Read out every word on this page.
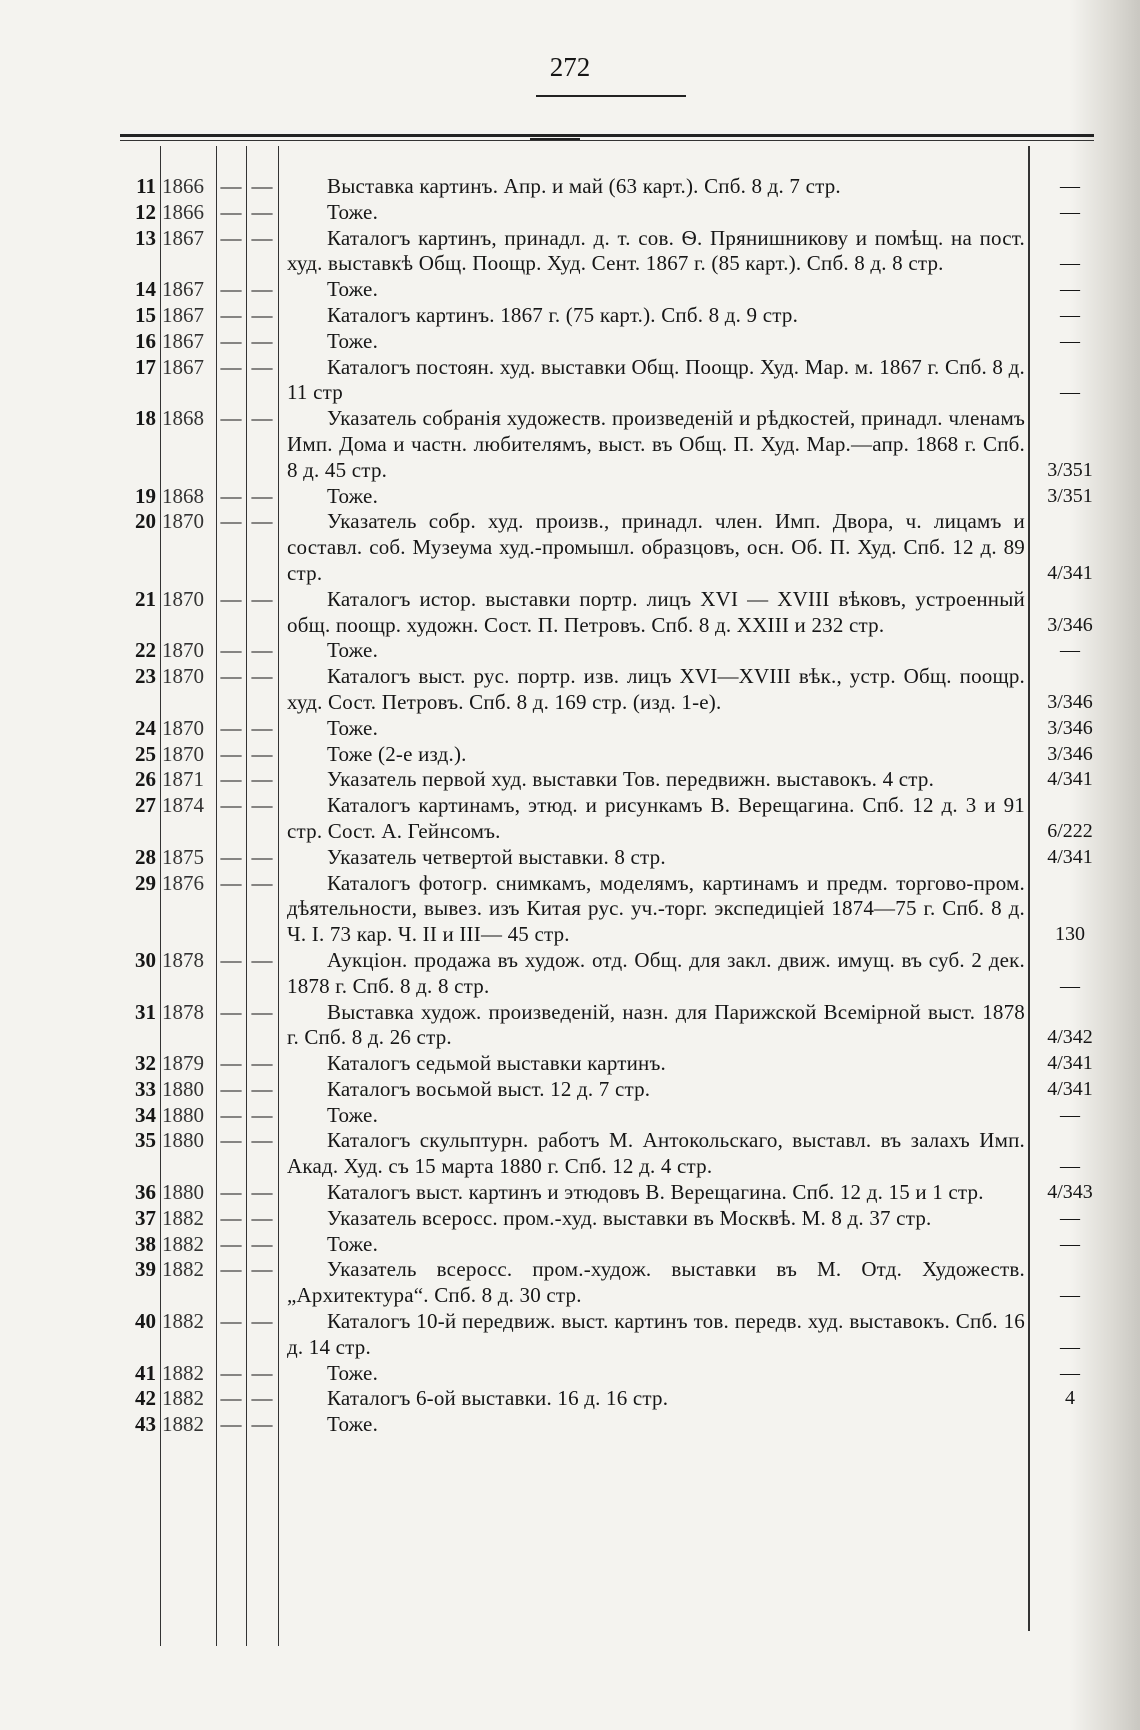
272
11 1866 — —	Выставка картинъ. Апр. и май (63 карт.). Спб. 8 д. 7 стр.	—
12 1866 — —	Тоже.	—
13 1867 — —	Каталогъ картинъ, принадл. д. т. сов. Ѳ. Прянишникову и помѣщ. на пост. худ. выставкѣ Общ. Поощр. Худ. Сент. 1867 г. (85 карт.). Спб. 8 д. 8 стр.	—
14 1867 — —	Тоже.	—
15 1867 — —	Каталогъ картинъ. 1867 г. (75 карт.). Спб. 8 д. 9 стр.	—
16 1867 — —	Тоже.	—
17 1867 — —	Каталогъ постоян. худ. выставки Общ. Поощр. Худ. Мар. м. 1867 г. Спб. 8 д. 11 стр	—
18 1868 — —	Указатель собранія художеств. произведеній и рѣдкостей, принадл. членамъ Имп. Дома и частн. любителямъ, выст. въ Общ. П. Худ. Мар.—апр. 1868 г. Спб. 8 д. 45 стр.	3/351
19 1868 — —	Тоже.	3/351
20 1870 — —	Указатель собр. худ. произв., принадл. член. Имп. Двора, ч. лицамъ и составл. соб. Музеума худ.-промышл. образцовъ, осн. Об. П. Худ. Спб. 12 д. 89 стр.	4/341
21 1870 — —	Каталогъ истор. выставки портр. лицъ XVI — XVIII вѣковъ, устроенный общ. поощр. художн. Сост. П. Петровъ. Спб. 8 д. XXIII и 232 стр.	3/346
22 1870 — —	Тоже.	—
23 1870 — —	Каталогъ выст. рус. портр. изв. лицъ XVI—XVIII вѣк., устр. Общ. поощр. худ. Сост. Петровъ. Спб. 8 д. 169 стр. (изд. 1-е).	3/346
24 1870 — —	Тоже.	3/346
25 1870 — —	Тоже (2-е изд.).	3/346
26 1871 — —	Указатель первой худ. выставки Тов. передвижн. выставокъ. 4 стр.	4/341
27 1874 — —	Каталогъ картинамъ, этюд. и рисункамъ В. Верещагина. Спб. 12 д. 3 и 91 стр. Сост. А. Гейнсомъ.	6/222
28 1875 — —	Указатель четвертой выставки. 8 стр.	4/341
29 1876 — —	Каталогъ фотогр. снимкамъ, моделямъ, картинамъ и предм. торгово-пром. дѣятельности, вывез. изъ Китая рус. уч.-торг. экспедиціей 1874—75 г. Спб. 8 д. Ч. I. 73 кар. Ч. II и III— 45 стр.	130
30 1878 — —	Аукціон. продажа въ худож. отд. Общ. для закл. движ. имущ. въ суб. 2 дек. 1878 г. Спб. 8 д. 8 стр.	—
31 1878 — —	Выставка худож. произведеній, назн. для Парижской Всемірной выст. 1878 г. Спб. 8 д. 26 стр.	4/342
32 1879 — —	Каталогъ седьмой выставки картинъ.	4/341
33 1880 — —	Каталогъ восьмой выст. 12 д. 7 стр.	4/341
34 1880 — —	Тоже.	—
35 1880 — —	Каталогъ скульптурн. работъ М. Антокольскаго, выставл. въ залахъ Имп. Акад. Худ. съ 15 марта 1880 г. Спб. 12 д. 4 стр.	—
36 1880 — —	Каталогъ выст. картинъ и этюдовъ В. Верещагина. Спб. 12 д. 15 и 1 стр.	4/343
37 1882 — —	Указатель всеросс. пром.-худ. выставки въ Москвѣ. М. 8 д. 37 стр.	—
38 1882 — —	Тоже.	—
39 1882 — —	Указатель всеросс. пром.-худож. выставки въ М. Отд. Художеств. „Архитектура“. Спб. 8 д. 30 стр.	—
40 1882 — —	Каталогъ 10-й передвиж. выст. картинъ тов. передв. худ. выставокъ. Спб. 16 д. 14 стр.	—
41 1882 — —	Тоже.	—
42 1882 — —	Каталогъ 6-ой выставки. 16 д. 16 стр.	4
43 1882 — —	Тоже.
